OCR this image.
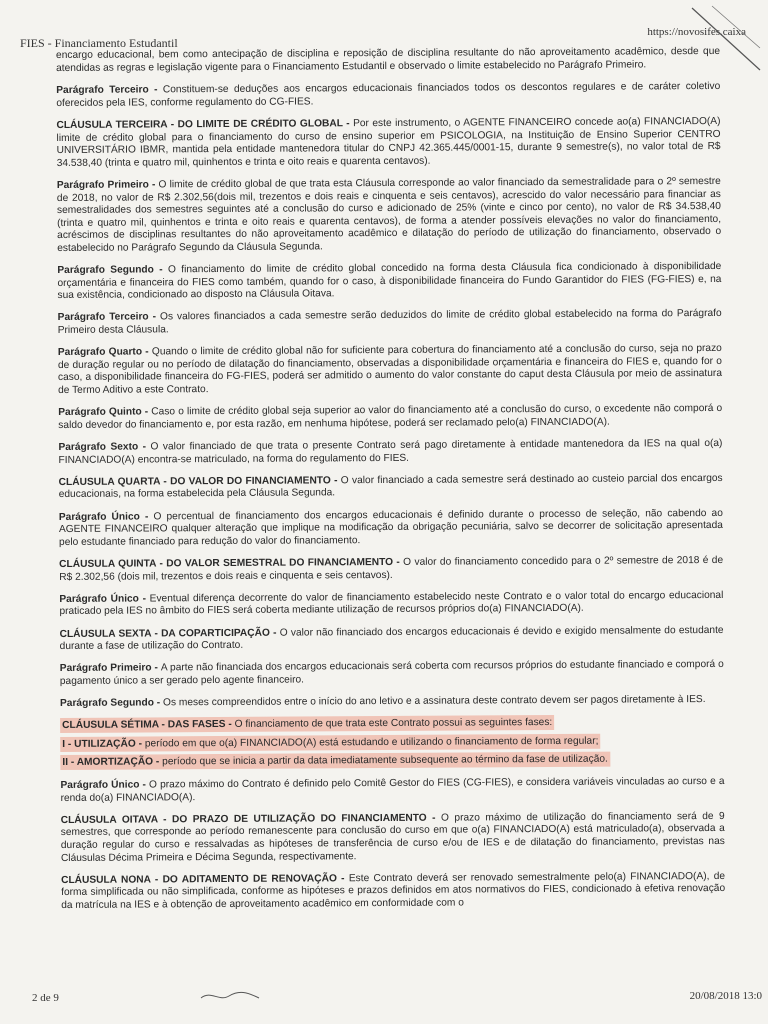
FIES - Financiamento Estudantil
https://novosifes.caixa

encargo educacional, bem como antecipação de disciplina e reposição de disciplina resultante do não aproveitamento acadêmico, desde que atendidas as regras e legislação vigente para o Financiamento Estudantil e observado o limite estabelecido no Parágrafo Primeiro.

Parágrafo Terceiro - Constituem-se deduções aos encargos educacionais financiados todos os descontos regulares e de caráter coletivo oferecidos pela IES, conforme regulamento do CG-FIES.

CLÁUSULA TERCEIRA - DO LIMITE DE CRÉDITO GLOBAL - Por este instrumento, o AGENTE FINANCEIRO concede ao(a) FINANCIADO(A) limite de crédito global para o financiamento do curso de ensino superior em PSICOLOGIA, na Instituição de Ensino Superior CENTRO UNIVERSITÁRIO IBMR, mantida pela entidade mantenedora titular do CNPJ 42.365.445/0001-15, durante 9 semestre(s), no valor total de R$ 34.538,40 (trinta e quatro mil, quinhentos e trinta e oito reais e quarenta centavos).

Parágrafo Primeiro - O limite de crédito global de que trata esta Cláusula corresponde ao valor financiado da semestralidade para o 2º semestre de 2018, no valor de R$ 2.302,56(dois mil, trezentos e dois reais e cinquenta e seis centavos), acrescido do valor necessário para financiar as semestralidades dos semestres seguintes até a conclusão do curso e adicionado de 25% (vinte e cinco por cento), no valor de R$ 34.538,40 (trinta e quatro mil, quinhentos e trinta e oito reais e quarenta centavos), de forma a atender possíveis elevações no valor do financiamento, acréscimos de disciplinas resultantes do não aproveitamento acadêmico e dilatação do período de utilização do financiamento, observado o estabelecido no Parágrafo Segundo da Cláusula Segunda.

Parágrafo Segundo - O financiamento do limite de crédito global concedido na forma desta Cláusula fica condicionado à disponibilidade orçamentária e financeira do FIES como também, quando for o caso, à disponibilidade financeira do Fundo Garantidor do FIES (FG-FIES) e, na sua existência, condicionado ao disposto na Cláusula Oitava.

Parágrafo Terceiro - Os valores financiados a cada semestre serão deduzidos do limite de crédito global estabelecido na forma do Parágrafo Primeiro desta Cláusula.

Parágrafo Quarto - Quando o limite de crédito global não for suficiente para cobertura do financiamento até a conclusão do curso, seja no prazo de duração regular ou no período de dilatação do financiamento, observadas a disponibilidade orçamentária e financeira do FIES e, quando for o caso, a disponibilidade financeira do FG-FIES, poderá ser admitido o aumento do valor constante do caput desta Cláusula por meio de assinatura de Termo Aditivo a este Contrato.

Parágrafo Quinto - Caso o limite de crédito global seja superior ao valor do financiamento até a conclusão do curso, o excedente não comporá o saldo devedor do financiamento e, por esta razão, em nenhuma hipótese, poderá ser reclamado pelo(a) FINANCIADO(A).

Parágrafo Sexto - O valor financiado de que trata o presente Contrato será pago diretamente à entidade mantenedora da IES na qual o(a) FINANCIADO(A) encontra-se matriculado, na forma do regulamento do FIES.

CLÁUSULA QUARTA - DO VALOR DO FINANCIAMENTO - O valor financiado a cada semestre será destinado ao custeio parcial dos encargos educacionais, na forma estabelecida pela Cláusula Segunda.

Parágrafo Único - O percentual de financiamento dos encargos educacionais é definido durante o processo de seleção, não cabendo ao AGENTE FINANCEIRO qualquer alteração que implique na modificação da obrigação pecuniária, salvo se decorrer de solicitação apresentada pelo estudante financiado para redução do valor do financiamento.

CLÁUSULA QUINTA - DO VALOR SEMESTRAL DO FINANCIAMENTO - O valor do financiamento concedido para o 2º semestre de 2018 é de R$ 2.302,56 (dois mil, trezentos e dois reais e cinquenta e seis centavos).

Parágrafo Único - Eventual diferença decorrente do valor de financiamento estabelecido neste Contrato e o valor total do encargo educacional praticado pela IES no âmbito do FIES será coberta mediante utilização de recursos próprios do(a) FINANCIADO(A).

CLÁUSULA SEXTA - DA COPARTICIPAÇÃO - O valor não financiado dos encargos educacionais é devido e exigido mensalmente do estudante durante a fase de utilização do Contrato.

Parágrafo Primeiro - A parte não financiada dos encargos educacionais será coberta com recursos próprios do estudante financiado e comporá o pagamento único a ser gerado pelo agente financeiro.

Parágrafo Segundo - Os meses compreendidos entre o início do ano letivo e a assinatura deste contrato devem ser pagos diretamente à IES.

CLÁUSULA SÉTIMA - DAS FASES - O financiamento de que trata este Contrato possui as seguintes fases:

I - UTILIZAÇÃO - período em que o(a) FINANCIADO(A) está estudando e utilizando o financiamento de forma regular;

II - AMORTIZAÇÃO - período que se inicia a partir da data imediatamente subsequente ao término da fase de utilização.

Parágrafo Único - O prazo máximo do Contrato é definido pelo Comitê Gestor do FIES (CG-FIES), e considera variáveis vinculadas ao curso e a renda do(a) FINANCIADO(A).

CLÁUSULA OITAVA - DO PRAZO DE UTILIZAÇÃO DO FINANCIAMENTO - O prazo máximo de utilização do financiamento será de 9 semestres, que corresponde ao período remanescente para conclusão do curso em que o(a) FINANCIADO(A) está matriculado(a), observada a duração regular do curso e ressalvadas as hipóteses de transferência de curso e/ou de IES e de dilatação do financiamento, previstas nas Cláusulas Décima Primeira e Décima Segunda, respectivamente.

CLÁUSULA NONA - DO ADITAMENTO DE RENOVAÇÃO - Este Contrato deverá ser renovado semestralmente pelo(a) FINANCIADO(A), de forma simplificada ou não simplificada, conforme as hipóteses e prazos definidos em atos normativos do FIES, condicionado à efetiva renovação da matrícula na IES e à obtenção de aproveitamento acadêmico em conformidade com o

2 de 9	20/08/2018 13:0
